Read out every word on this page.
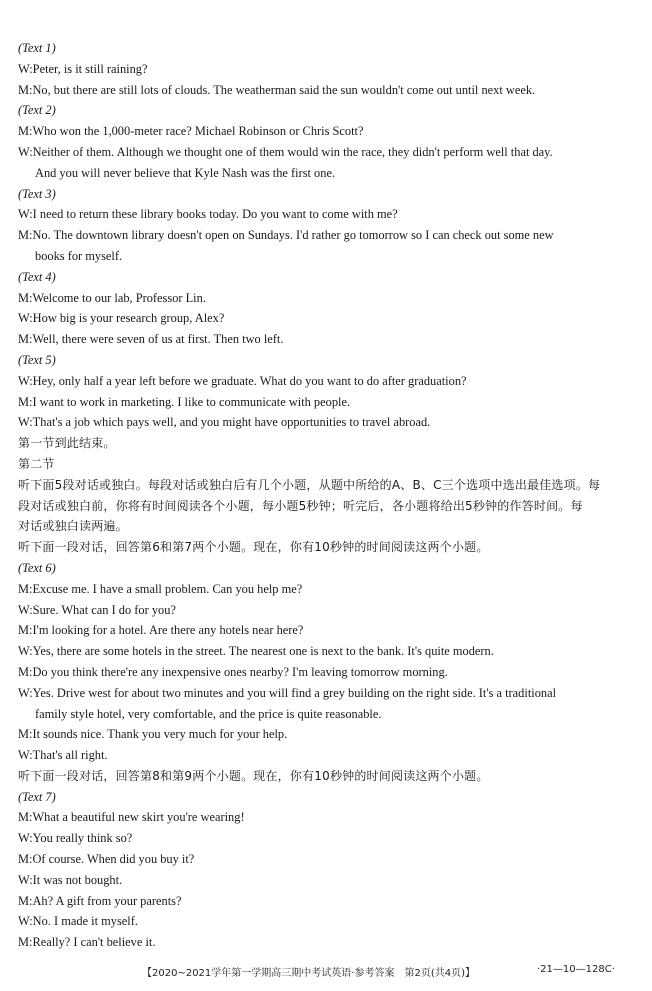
(Text 1)
W:Peter, is it still raining?
M:No, but there are still lots of clouds. The weatherman said the sun wouldn't come out until next week.
(Text 2)
M:Who won the 1,000-meter race? Michael Robinson or Chris Scott?
W:Neither of them. Although we thought one of them would win the race, they didn't perform well that day.
And you will never believe that Kyle Nash was the first one.
(Text 3)
W:I need to return these library books today. Do you want to come with me?
M:No. The downtown library doesn't open on Sundays. I'd rather go tomorrow so I can check out some new
books for myself.
(Text 4)
M:Welcome to our lab, Professor Lin.
W:How big is your research group, Alex?
M:Well, there were seven of us at first. Then two left.
(Text 5)
W:Hey, only half a year left before we graduate. What do you want to do after graduation?
M:I want to work in marketing. I like to communicate with people.
W:That's a job which pays well, and you might have opportunities to travel abroad.
第一节到此结束。
第二节
听下面5段对话或独白。每段对话或独白后有几个小题，从题中所给的A、B、C三个选项中选出最佳选项。每
段对话或独白前，你将有时间阅读各个小题，每小题5秒钟；听完后，各小题将给出5秒钟的作答时间。每
对话或独白读两遍。
听下面一段对话，回答第6和第7两个小题。现在，你有10秒钟的时间阅读这两个小题。
(Text 6)
M:Excuse me. I have a small problem. Can you help me?
W:Sure. What can I do for you?
M:I'm looking for a hotel. Are there any hotels near here?
W:Yes, there are some hotels in the street. The nearest one is next to the bank. It's quite modern.
M:Do you think there're any inexpensive ones nearby? I'm leaving tomorrow morning.
W:Yes. Drive west for about two minutes and you will find a grey building on the right side. It's a traditional
family style hotel, very comfortable, and the price is quite reasonable.
M:It sounds nice. Thank you very much for your help.
W:That's all right.
听下面一段对话，回答第8和第9两个小题。现在，你有10秒钟的时间阅读这两个小题。
(Text 7)
M:What a beautiful new skirt you're wearing!
W:You really think so?
M:Of course. When did you buy it?
W:It was not bought.
M:Ah? A gift from your parents?
W:No. I made it myself.
M:Really? I can't believe it.
【2020~2021学年第一学期高三期中考试英语·参考答案　第2页(共4页)】	·21—10—128C·
